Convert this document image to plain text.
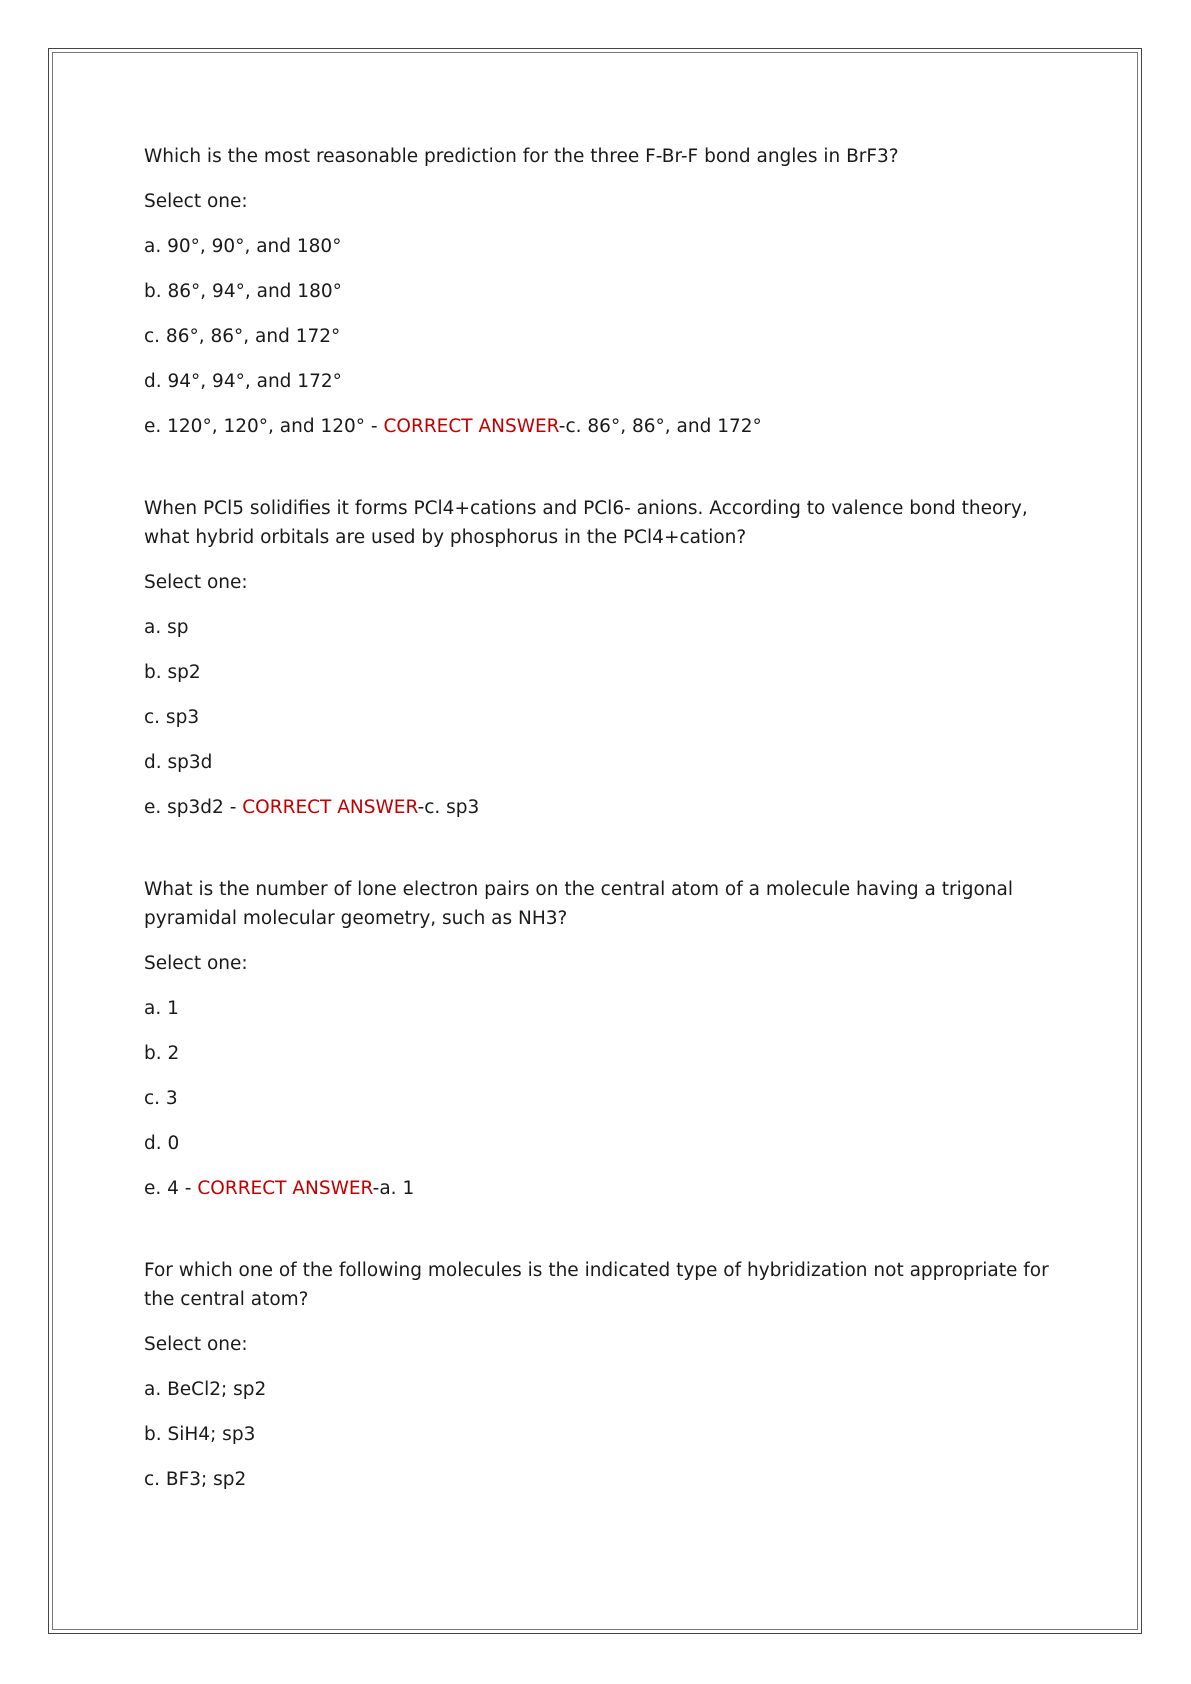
Which is the most reasonable prediction for the three F-Br-F bond angles in BrF3?

Select one:

a. 90°, 90°, and 180°

b. 86°, 94°, and 180°

c. 86°, 86°, and 172°

d. 94°, 94°, and 172°

e. 120°, 120°, and 120° - CORRECT ANSWER-c. 86°, 86°, and 172°

When PCl5 solidifies it forms PCl4+cations and PCl6- anions. According to valence bond theory, what hybrid orbitals are used by phosphorus in the PCl4+cation?

Select one:

a. sp

b. sp2

c. sp3

d. sp3d

e. sp3d2 - CORRECT ANSWER-c. sp3

What is the number of lone electron pairs on the central atom of a molecule having a trigonal pyramidal molecular geometry, such as NH3?

Select one:

a. 1

b. 2

c. 3

d. 0

e. 4 - CORRECT ANSWER-a. 1

For which one of the following molecules is the indicated type of hybridization not appropriate for the central atom?

Select one:

a. BeCl2; sp2

b. SiH4; sp3

c. BF3; sp2
